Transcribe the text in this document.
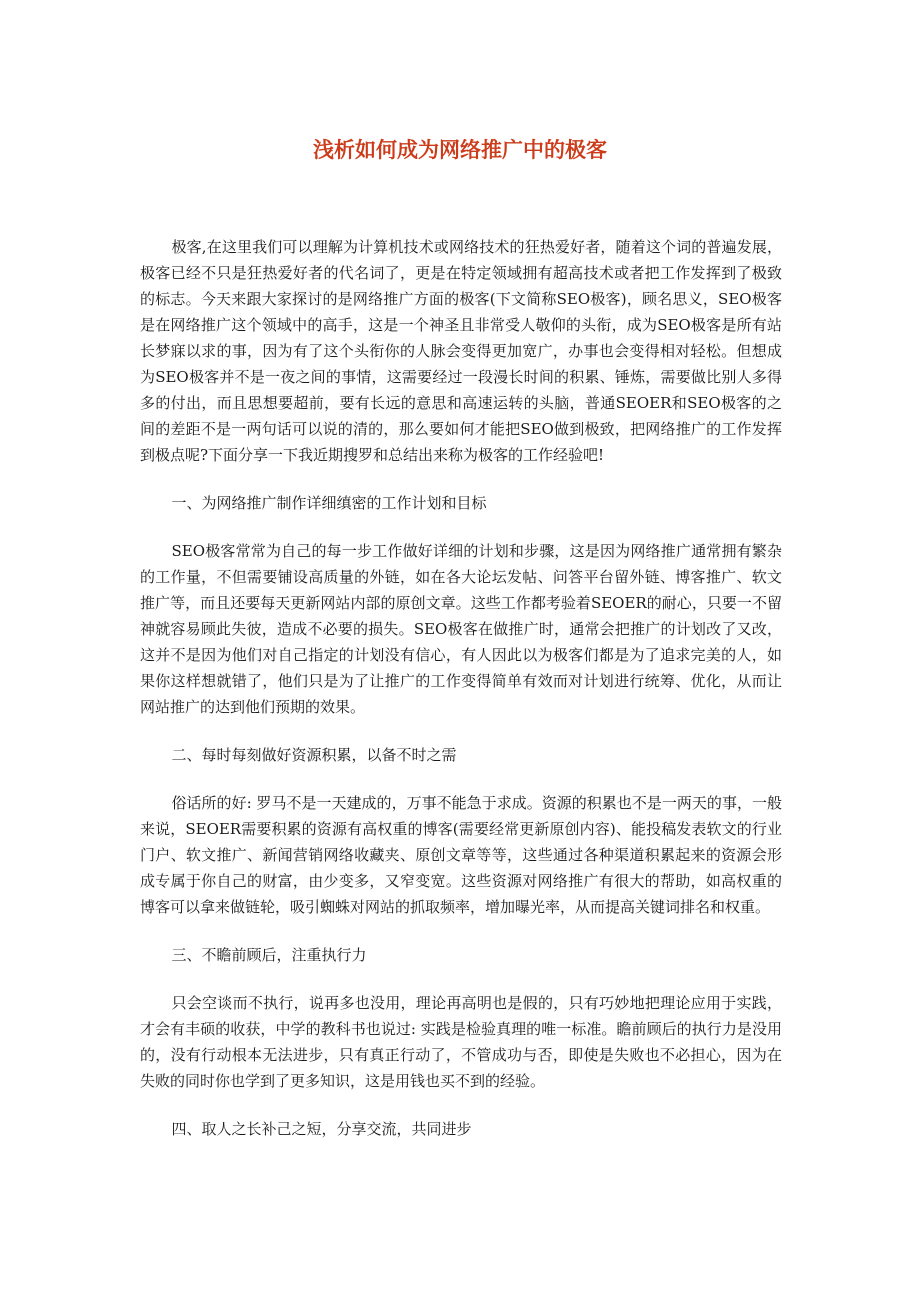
浅析如何成为网络推广中的极客

极客,在这里我们可以理解为计算机技术或网络技术的狂热爱好者，随着这个词的普遍发展，极客已经不只是狂热爱好者的代名词了，更是在特定领域拥有超高技术或者把工作发挥到了极致的标志。今天来跟大家探讨的是网络推广方面的极客(下文简称SEO极客)，顾名思义，SEO极客是在网络推广这个领域中的高手，这是一个神圣且非常受人敬仰的头衔，成为SEO极客是所有站长梦寐以求的事，因为有了这个头衔你的人脉会变得更加宽广，办事也会变得相对轻松。但想成为SEO极客并不是一夜之间的事情，这需要经过一段漫长时间的积累、锤炼，需要做比别人多得多的付出，而且思想要超前，要有长远的意思和高速运转的头脑，普通SEOER和SEO极客的之间的差距不是一两句话可以说的清的，那么要如何才能把SEO做到极致，把网络推广的工作发挥到极点呢?下面分享一下我近期搜罗和总结出来称为极客的工作经验吧!

一、为网络推广制作详细缜密的工作计划和目标

SEO极客常常为自己的每一步工作做好详细的计划和步骤，这是因为网络推广通常拥有繁杂的工作量，不但需要铺设高质量的外链，如在各大论坛发帖、问答平台留外链、博客推广、软文推广等，而且还要每天更新网站内部的原创文章。这些工作都考验着SEOER的耐心，只要一不留神就容易顾此失彼，造成不必要的损失。SEO极客在做推广时，通常会把推广的计划改了又改，这并不是因为他们对自己指定的计划没有信心，有人因此以为极客们都是为了追求完美的人，如果你这样想就错了，他们只是为了让推广的工作变得简单有效而对计划进行统筹、优化，从而让网站推广的达到他们预期的效果。

二、每时每刻做好资源积累，以备不时之需

俗话所的好: 罗马不是一天建成的，万事不能急于求成。资源的积累也不是一两天的事，一般来说，SEOER需要积累的资源有高权重的博客(需要经常更新原创内容)、能投稿发表软文的行业门户、软文推广、新闻营销网络收藏夹、原创文章等等，这些通过各种渠道积累起来的资源会形成专属于你自己的财富，由少变多，又窄变宽。这些资源对网络推广有很大的帮助，如高权重的博客可以拿来做链轮，吸引蜘蛛对网站的抓取频率，增加曝光率，从而提高关键词排名和权重。

三、不瞻前顾后，注重执行力

只会空谈而不执行，说再多也没用，理论再高明也是假的，只有巧妙地把理论应用于实践，才会有丰硕的收获，中学的教科书也说过: 实践是检验真理的唯一标准。瞻前顾后的执行力是没用的，没有行动根本无法进步，只有真正行动了，不管成功与否，即使是失败也不必担心，因为在失败的同时你也学到了更多知识，这是用钱也买不到的经验。

四、取人之长补己之短，分享交流，共同进步
